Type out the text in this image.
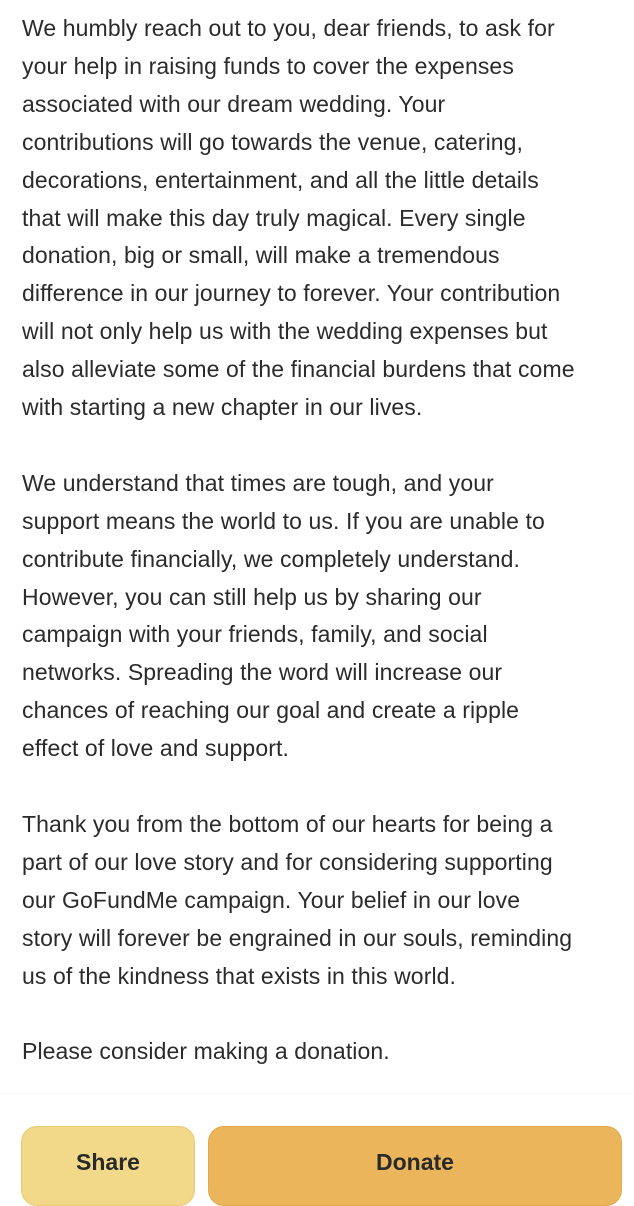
We humbly reach out to you, dear friends, to ask for
your help in raising funds to cover the expenses
associated with our dream wedding. Your
contributions will go towards the venue, catering,
decorations, entertainment, and all the little details
that will make this day truly magical. Every single
donation, big or small, will make a tremendous
difference in our journey to forever. Your contribution
will not only help us with the wedding expenses but
also alleviate some of the financial burdens that come
with starting a new chapter in our lives.

We understand that times are tough, and your
support means the world to us. If you are unable to
contribute financially, we completely understand.
However, you can still help us by sharing our
campaign with your friends, family, and social
networks. Spreading the word will increase our
chances of reaching our goal and create a ripple
effect of love and support.

Thank you from the bottom of our hearts for being a
part of our love story and for considering supporting
our GoFundMe campaign. Your belief in our love
story will forever be engrained in our souls, reminding
us of the kindness that exists in this world.

Please consider making a donation.

Share	Donate
